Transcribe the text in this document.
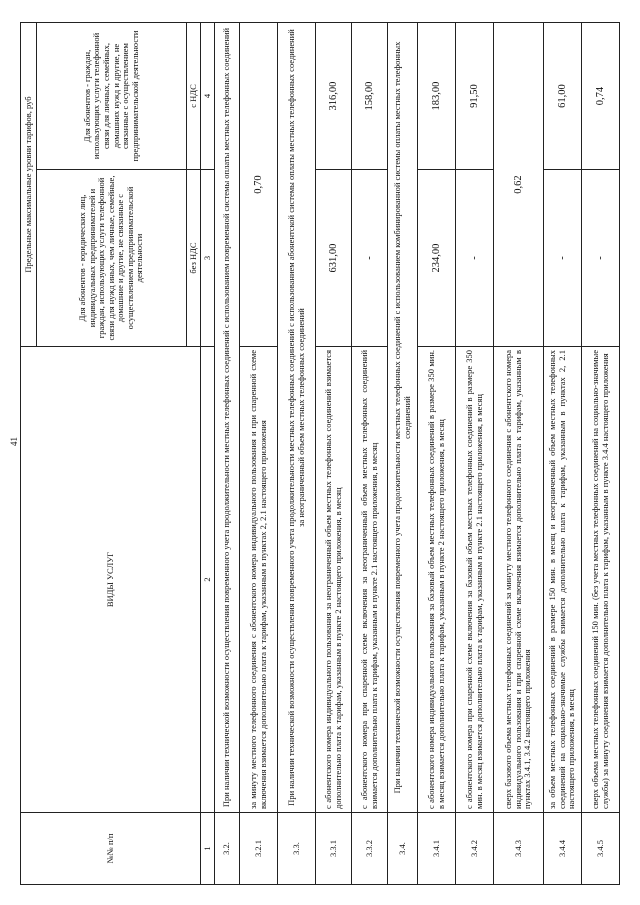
41
№№ п/п	ВИДЫ УСЛУГ	Предельные максимальные уровни тарифов, руб	
		Для абонентов - юридических лиц, индивидуальных предпринимателей и граждан, использующих услуги телефонной связи для нужд иных, чем личные, семейные, домашние и другие, не связанные с осуществлением предпринимательской деятельности	Для абонентов - граждан, использующих услуги телефонной связи для личных, семейных, домашних нужд и другие, не связанные с осуществлением предпринимательской деятельности
		без НДС	с НДС
1	2	3	4
3.2.	При наличии технической возможности осуществления повременного учета продолжительности местных телефонных соединений с использованием повременной системы оплаты местных телефонных соединений		
3.2.1	за минуту местного телефонного соединения с абонентского номера индивидуального пользования и при спаренной схеме включения взимается дополнительно плата к тарифам, указанным в пунктах 2, 2.1 настоящего приложения	0,70	
3.3.	При наличии технической возможности осуществления повременного учета продолжительности местных телефонных соединений с использованием абонентской системы оплаты местных телефонных соединений за неограниченный объем местных телефонных соединений		
3.3.1	с абонентского номера индивидуального пользования за неограниченный объем местных телефонных соединений взимается дополнительно плата к тарифам, указанным в пункте 2 настоящего приложения, в месяц	631,00	316,00
3.3.2	с абонентского номера при спаренной схеме включения за неограниченный объем местных телефонных соединений взимается дополнительно плата к тарифам, указанным в пункте 2.1 настоящего приложения, в месяц	-	158,00
3.4.	При наличии технической возможности осуществления повременного учета продолжительности местных телефонных соединений с использованием комбинированной системы оплаты местных телефонных соединений		
3.4.1	с абонентского номера индивидуального пользования за базовый объем местных телефонных соединений в размере 350 мин. в месяц взимается дополнительно плата к тарифам, указанным в пункте 2 настоящего приложения, в месяц	234,00	183,00
3.4.2	с абонентского номера при спаренной схеме включения за базовый объем местных телефонных соединений в размере 350 мин. в месяц взимается дополнительно плата к тарифам, указанным в пункте 2.1 настоящего приложения, в месяц	-	91,50
3.4.3	сверх базового объема местных телефонных соединений за минуту местного телефонного соединения с абонентского номера индивидуального пользования и при спаренной схеме включения взимается дополнительно плата к тарифам, указанным в пунктах 3.4.1, 3.4.2 настоящего приложения	0,62	
3.4.4	за объем местных телефонных соединений в размере 150 мин. в месяц и неограниченный объем местных телефонных соединений на социально-значимые службы взимается дополнительно плата к тарифам, указанным в пунктах 2, 2.1 настоящего приложения, в месяц	-	61,00
3.4.5	сверх объема местных телефонных соединений 150 мин. (без учета местных телефонных соединений на социально-значимые службы) за минуту соединения взимается дополнительно плата к тарифам, указанным в пункте 3.4.4 настоящего приложения	-	0,74
